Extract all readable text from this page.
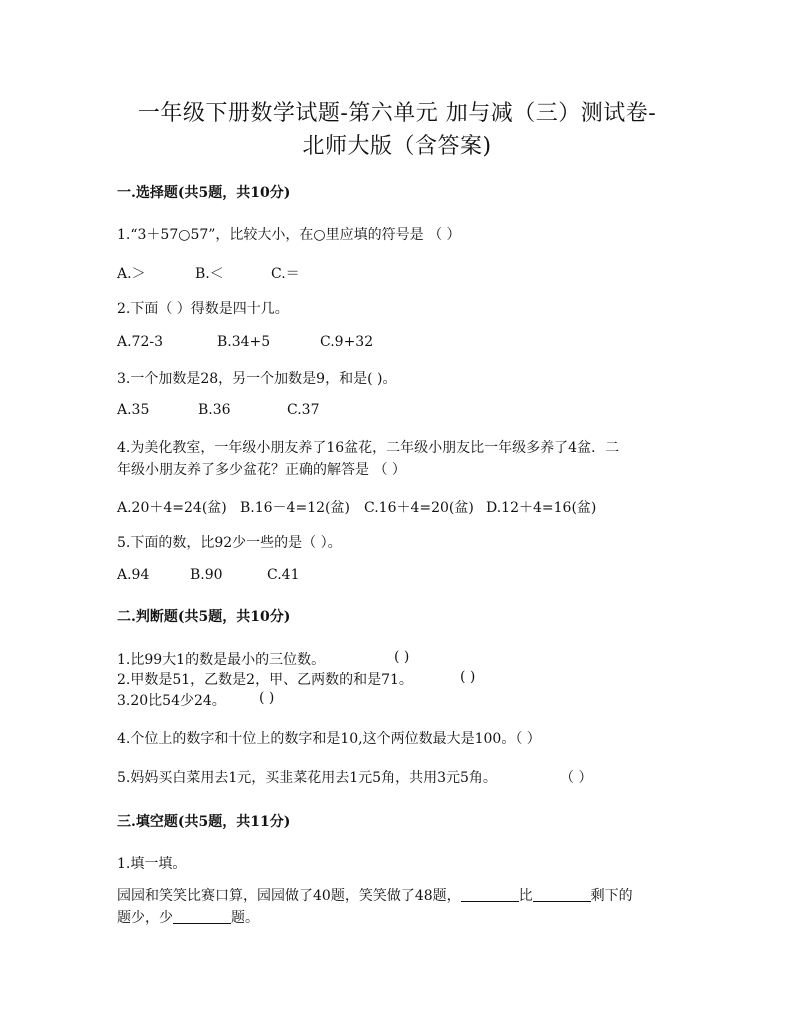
一年级下册数学试题-第六单元 加与减（三）测试卷-
北师大版（含答案)
一.选择题(共5题，共10分)
1.“3＋57○57”，比较大小，在○里应填的符号是 （ ）
A.＞	B.＜	C.＝
2.下面（ ）得数是四十几。
A.72-3	B.34+5	C.9+32
3.一个加数是28，另一个加数是9，和是( )。
A.35	B.36	C.37
4.为美化教室，一年级小朋友养了16盆花，二年级小朋友比一年级多养了4盆．二
年级小朋友养了多少盆花？正确的解答是 （ ）
A.20＋4=24(盆) B.16－4=12(盆) C.16＋4=20(盆) D.12＋4=16(盆)
5.下面的数，比92少一些的是（ ）。
A.94	B.90	C.41
二.判断题(共5题，共10分)
1.比99大1的数是最小的三位数。	( )
2.甲数是51，乙数是2，甲、乙两数的和是71。	( )
3.20比54少24。 ( )
4.个位上的数字和十位上的数字和是10,这个两位数最大是100。（ ）
5.妈妈买白菜用去1元，买韭菜花用去1元5角，共用3元5角。	（ ）
三.填空题(共5题，共11分)
1.填一填。
园园和笑笑比赛口算，园园做了40题，笑笑做了48题，	比	剩下的
题少，少	题。
